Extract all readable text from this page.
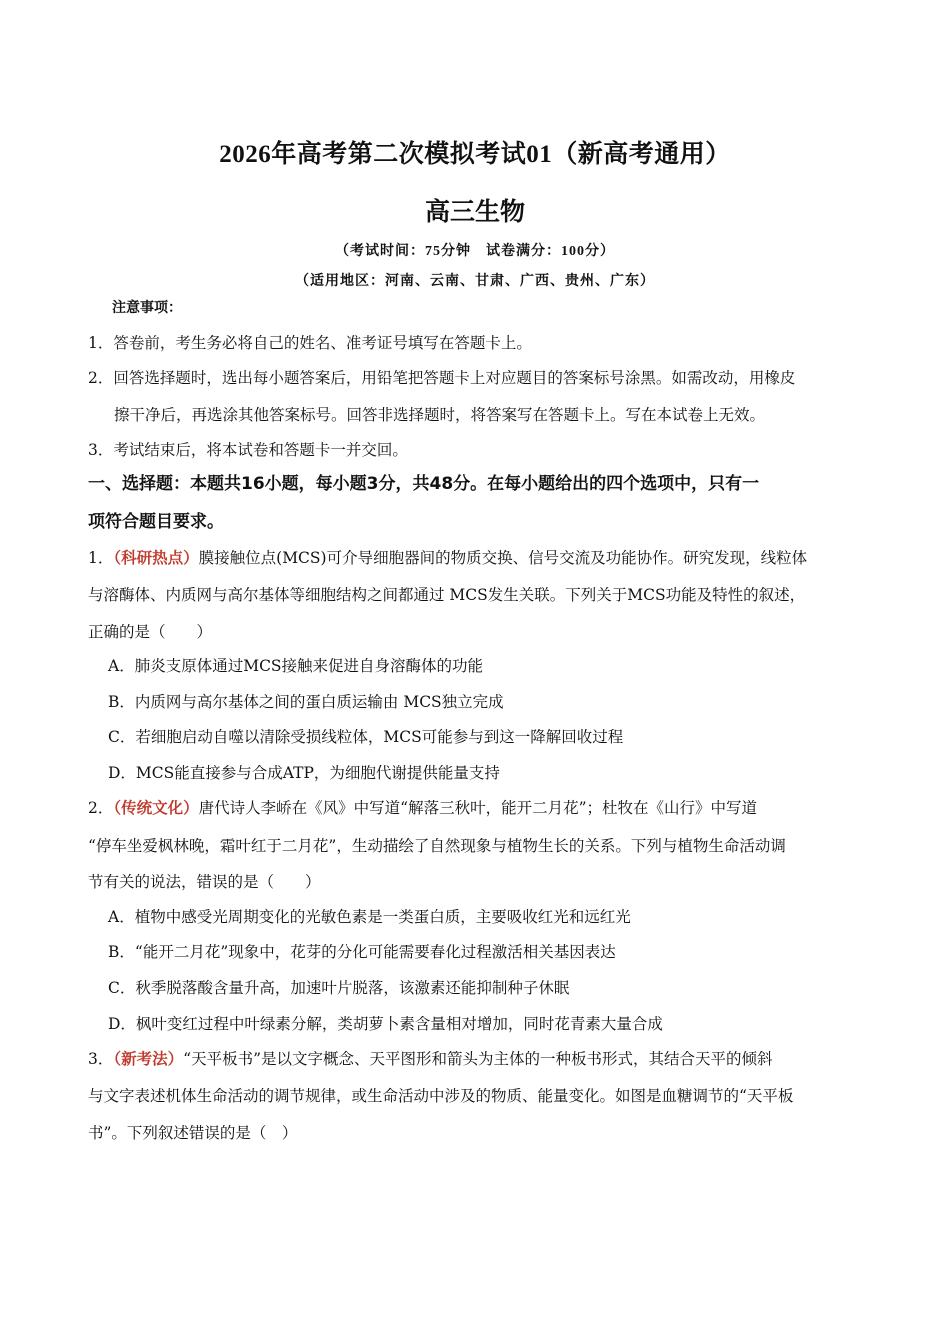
2026年高考第二次模拟考试01（新高考通用）
高三生物
（考试时间：75分钟　试卷满分：100分）
（适用地区：河南、云南、甘肃、广西、贵州、广东）
注意事项：
1．答卷前，考生务必将自己的姓名、准考证号填写在答题卡上。
2．回答选择题时，选出每小题答案后，用铅笔把答题卡上对应题目的答案标号涂黑。如需改动，用橡皮
擦干净后，再选涂其他答案标号。回答非选择题时，将答案写在答题卡上。写在本试卷上无效。
3．考试结束后，将本试卷和答题卡一并交回。
一、选择题：本题共16小题，每小题3分，共48分。在每小题给出的四个选项中，只有一
项符合题目要求。
1．（科研热点）膜接触位点(MCS)可介导细胞器间的物质交换、信号交流及功能协作。研究发现，线粒体
与溶酶体、内质网与高尔基体等细胞结构之间都通过 MCS发生关联。下列关于MCS功能及特性的叙述，
正确的是（　　）
A．肺炎支原体通过MCS接触来促进自身溶酶体的功能
B．内质网与高尔基体之间的蛋白质运输由 MCS独立完成
C．若细胞启动自噬以清除受损线粒体，MCS可能参与到这一降解回收过程
D．MCS能直接参与合成ATP，为细胞代谢提供能量支持
2．（传统文化）唐代诗人李峤在《风》中写道“解落三秋叶，能开二月花”；杜牧在《山行》中写道
“停车坐爱枫林晚，霜叶红于二月花”，生动描绘了自然现象与植物生长的关系。下列与植物生命活动调
节有关的说法，错误的是（　　）
A．植物中感受光周期变化的光敏色素是一类蛋白质，主要吸收红光和远红光
B．“能开二月花”现象中，花芽的分化可能需要春化过程激活相关基因表达
C．秋季脱落酸含量升高，加速叶片脱落，该激素还能抑制种子休眠
D．枫叶变红过程中叶绿素分解，类胡萝卜素含量相对增加，同时花青素大量合成
3．（新考法）“天平板书”是以文字概念、天平图形和箭头为主体的一种板书形式，其结合天平的倾斜
与文字表述机体生命活动的调节规律，或生命活动中涉及的物质、能量变化。如图是血糖调节的“天平板
书”。下列叙述错误的是（　）
